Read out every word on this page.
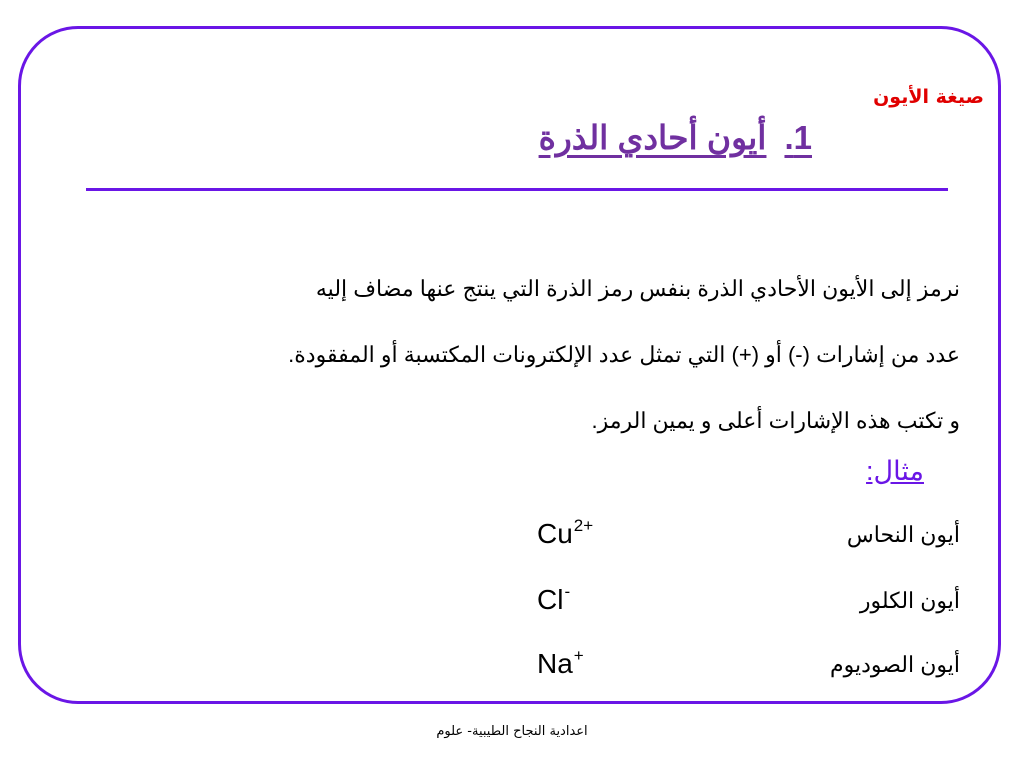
صيغة الأيون
1.أيون أحادي الذرة
نرمز إلى الأيون الأحادي الذرة بنفس رمز الذرة التي ينتج عنها مضاف إليه
عدد من إشارات (-) أو (+) التي تمثل عدد الإلكترونات المكتسبة أو المفقودة.
و تكتب هذه الإشارات أعلى و يمين الرمز.
مثال:
أيون النحاس
$Cu^{2+}$
أيون الكلور
Cl-
أيون الصوديوم
Na+
اعدادية النجاح الطيبية- علوم
